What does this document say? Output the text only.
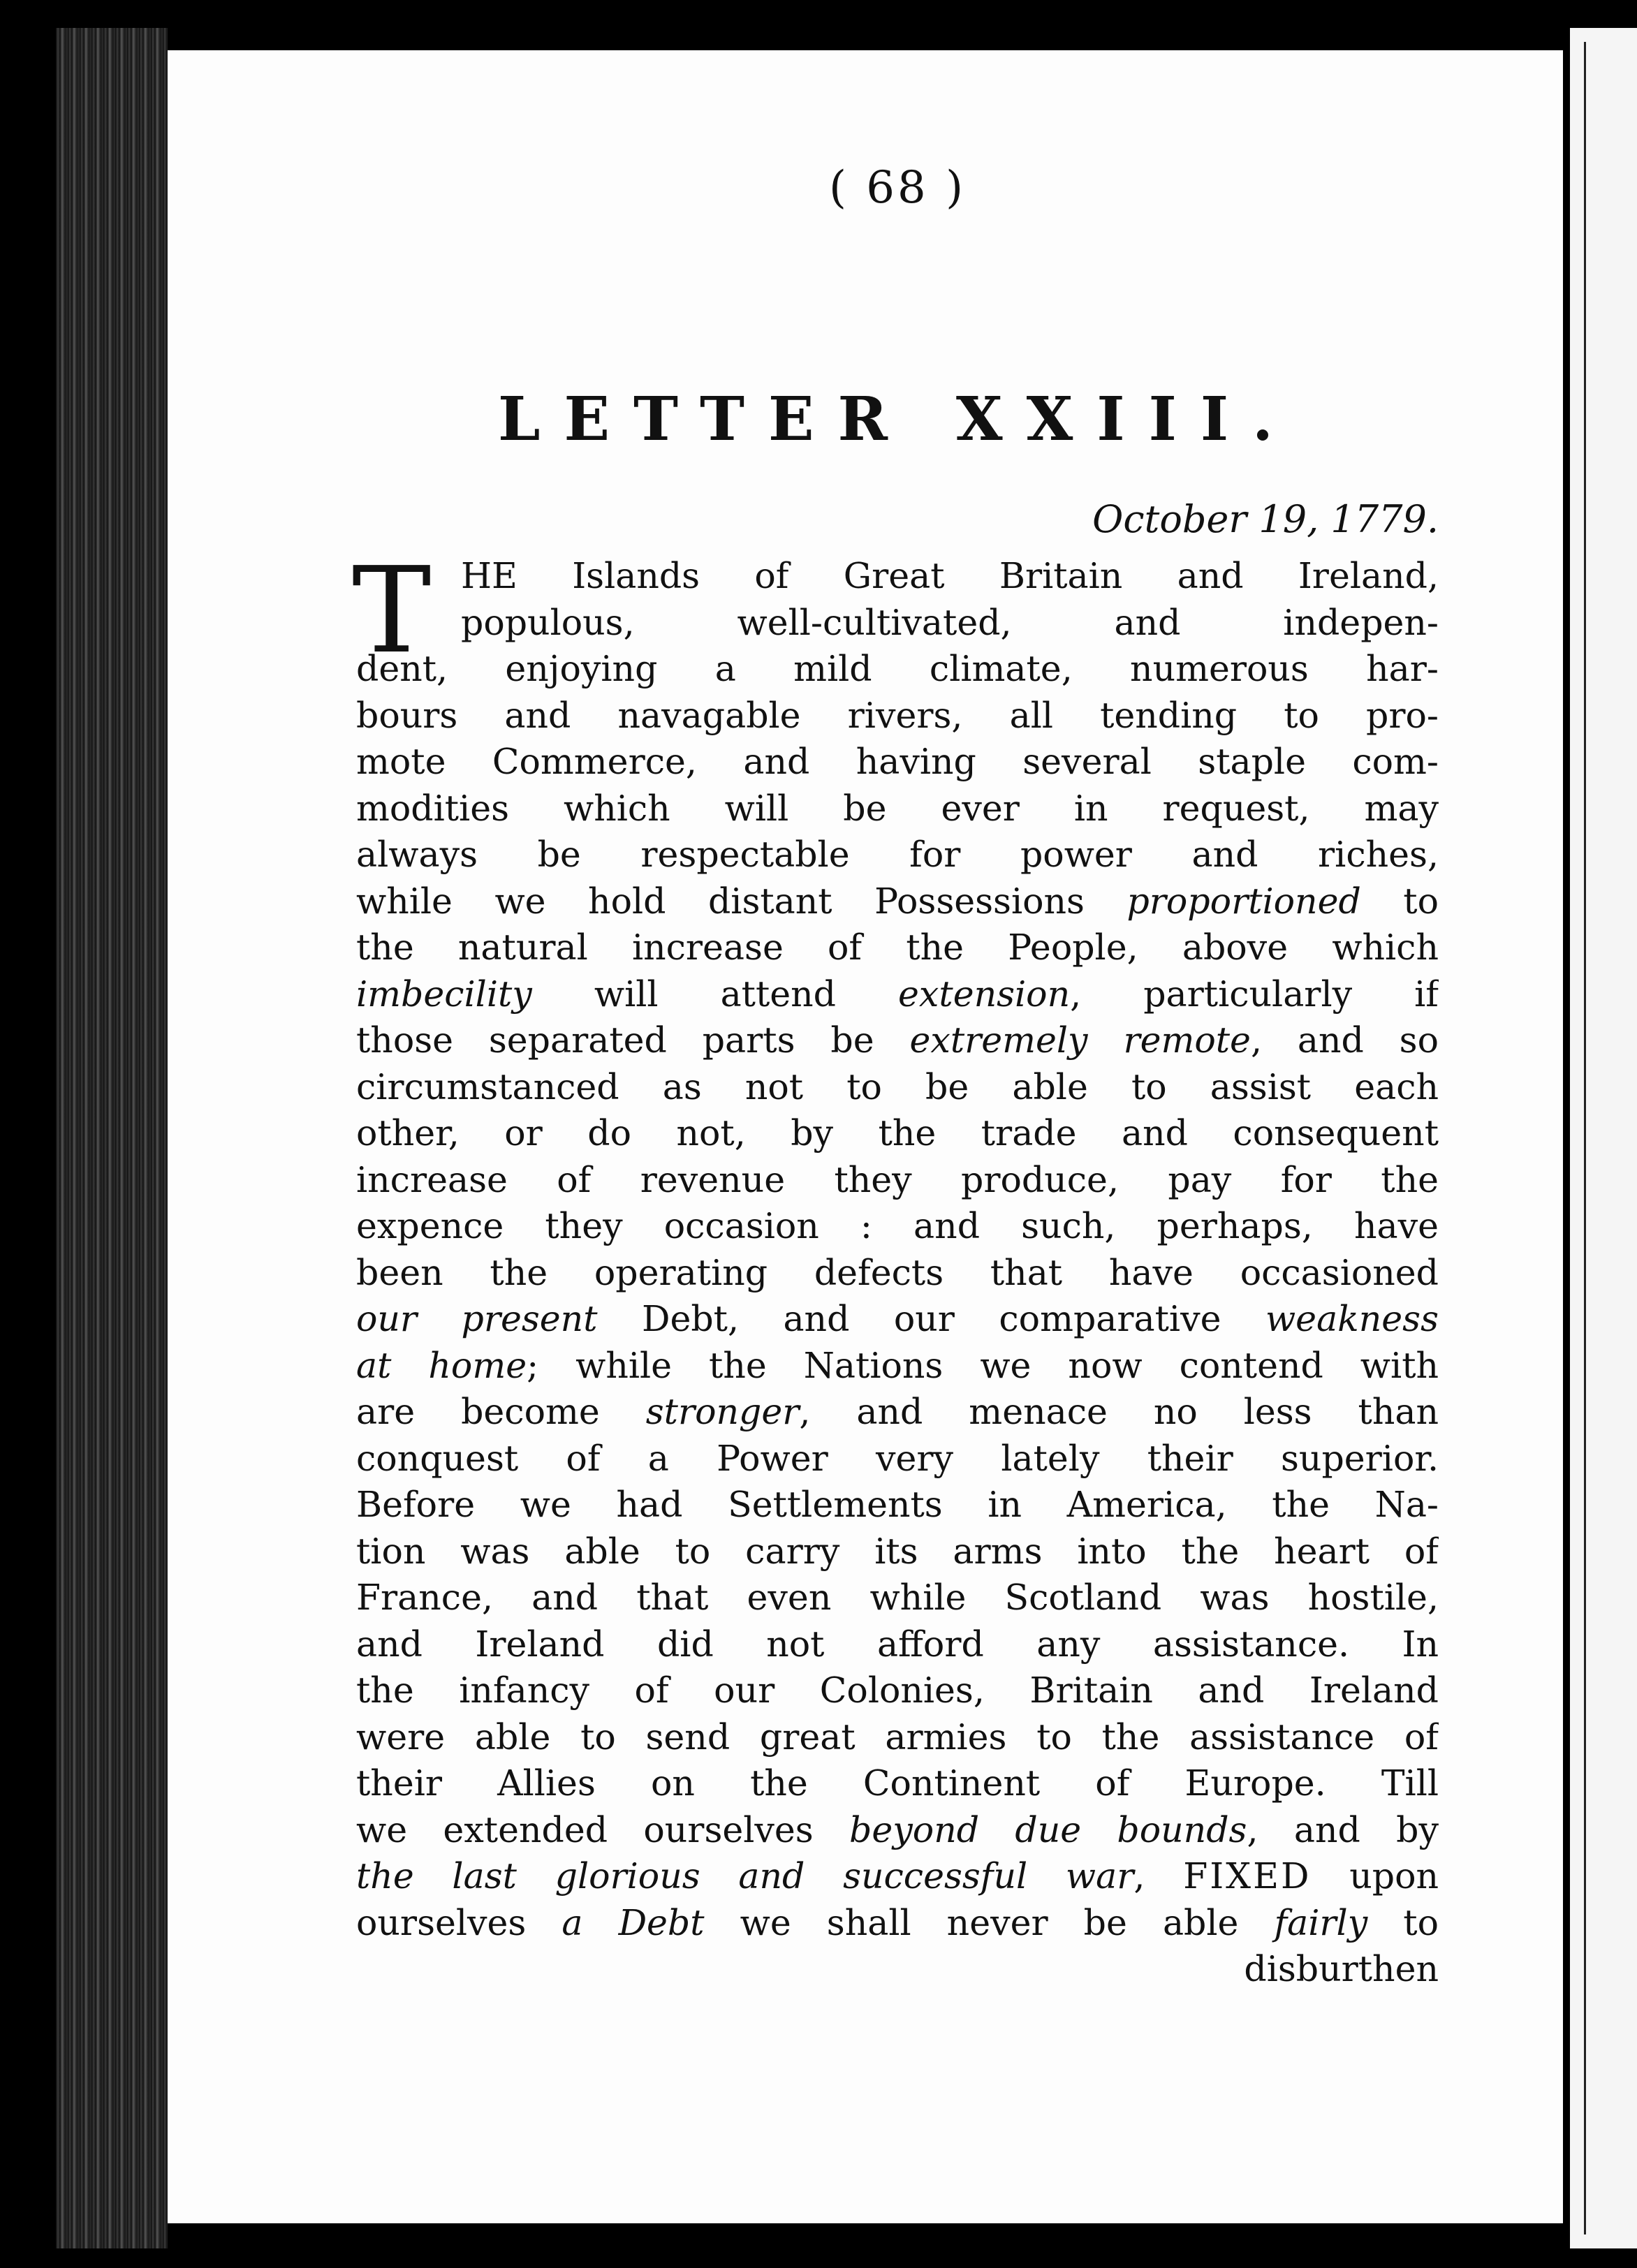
( 68 )
LETTER XXIII.
October 19, 1779.
T HE Islands of Great Britain and Ireland,
populous, well-cultivated, and indepen-
dent, enjoying a mild climate, numerous har-
bours and navagable rivers, all tending to pro-
mote Commerce, and having several staple com-
modities which will be ever in request, may
always be respectable for power and riches,
while we hold distant Possessions proportioned to
the natural increase of the People, above which
imbecility will attend extension, particularly if
those separated parts be extremely remote, and so
circumstanced as not to be able to assist each
other, or do not, by the trade and consequent
increase of revenue they produce, pay for the
expence they occasion : and such, perhaps, have
been the operating defects that have occasioned
our present Debt, and our comparative weakness
at home; while the Nations we now contend with
are become stronger, and menace no less than
conquest of a Power very lately their superior.
Before we had Settlements in America, the Na-
tion was able to carry its arms into the heart of
France, and that even while Scotland was hostile,
and Ireland did not afford any assistance. In
the infancy of our Colonies, Britain and Ireland
were able to send great armies to the assistance of
their Allies on the Continent of Europe. Till
we extended ourselves beyond due bounds, and by
the last glorious and successful war, FIXED upon
ourselves a Debt we shall never be able fairly to
disburthen
